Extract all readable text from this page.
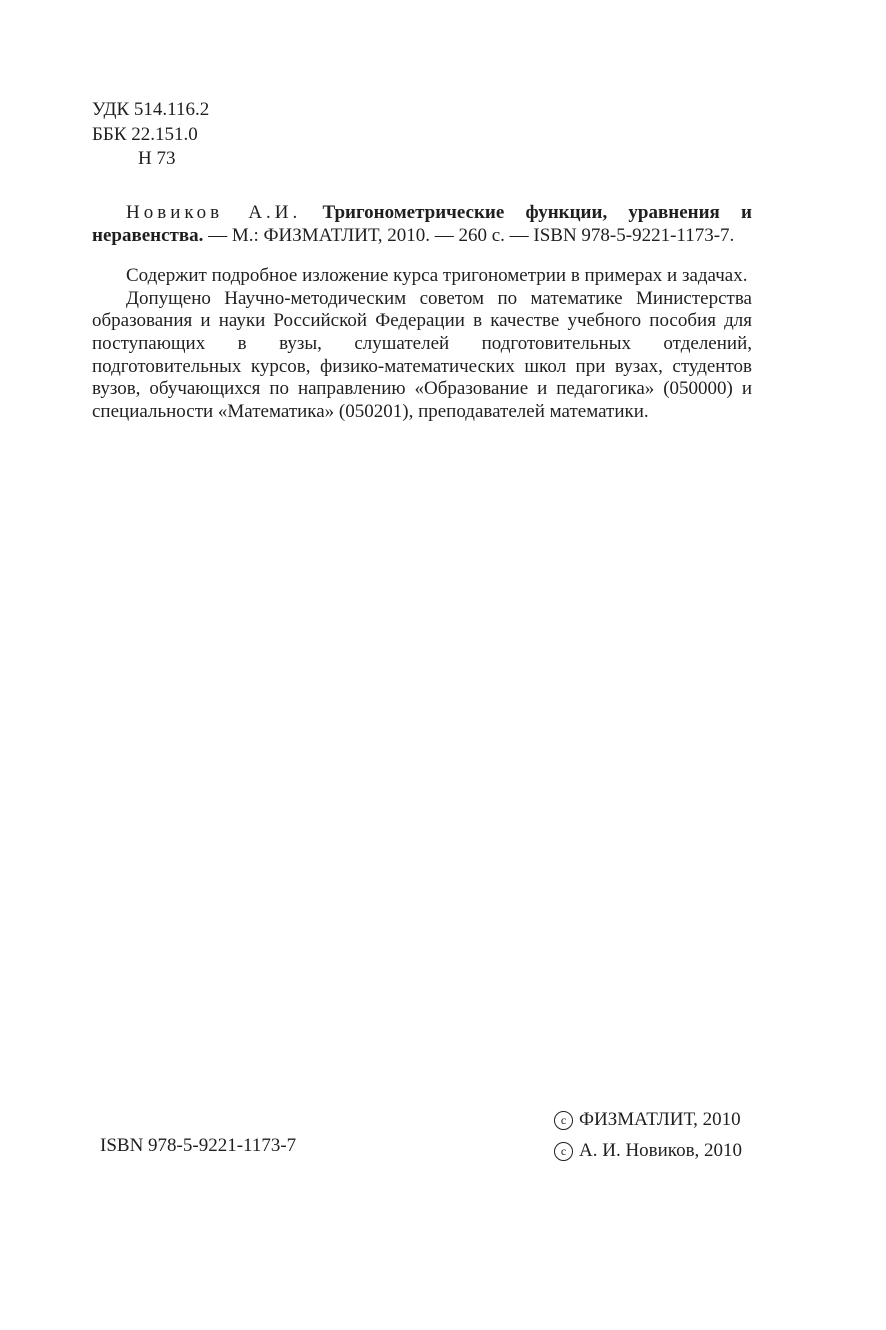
УДК 514.116.2
ББК 22.151.0
Н 73

Новиков А.И. Тригонометрические функции, уравнения и неравенства. — М.: ФИЗМАТЛИТ, 2010. — 260 с. — ISBN 978-5-9221-1173-7.

Содержит подробное изложение курса тригонометрии в примерах и задачах.

Допущено Научно-методическим советом по математике Министерства образования и науки Российской Федерации в качестве учебного пособия для поступающих в вузы, слушателей подготовительных отделений, подготовительных курсов, физико-математических школ при вузах, студентов вузов, обучающихся по направлению «Образование и педагогика» (050000) и специальности «Математика» (050201), преподавателей математики.

ISBN 978-5-9221-1173-7
c ФИЗМАТЛИТ, 2010
c А. И. Новиков, 2010
